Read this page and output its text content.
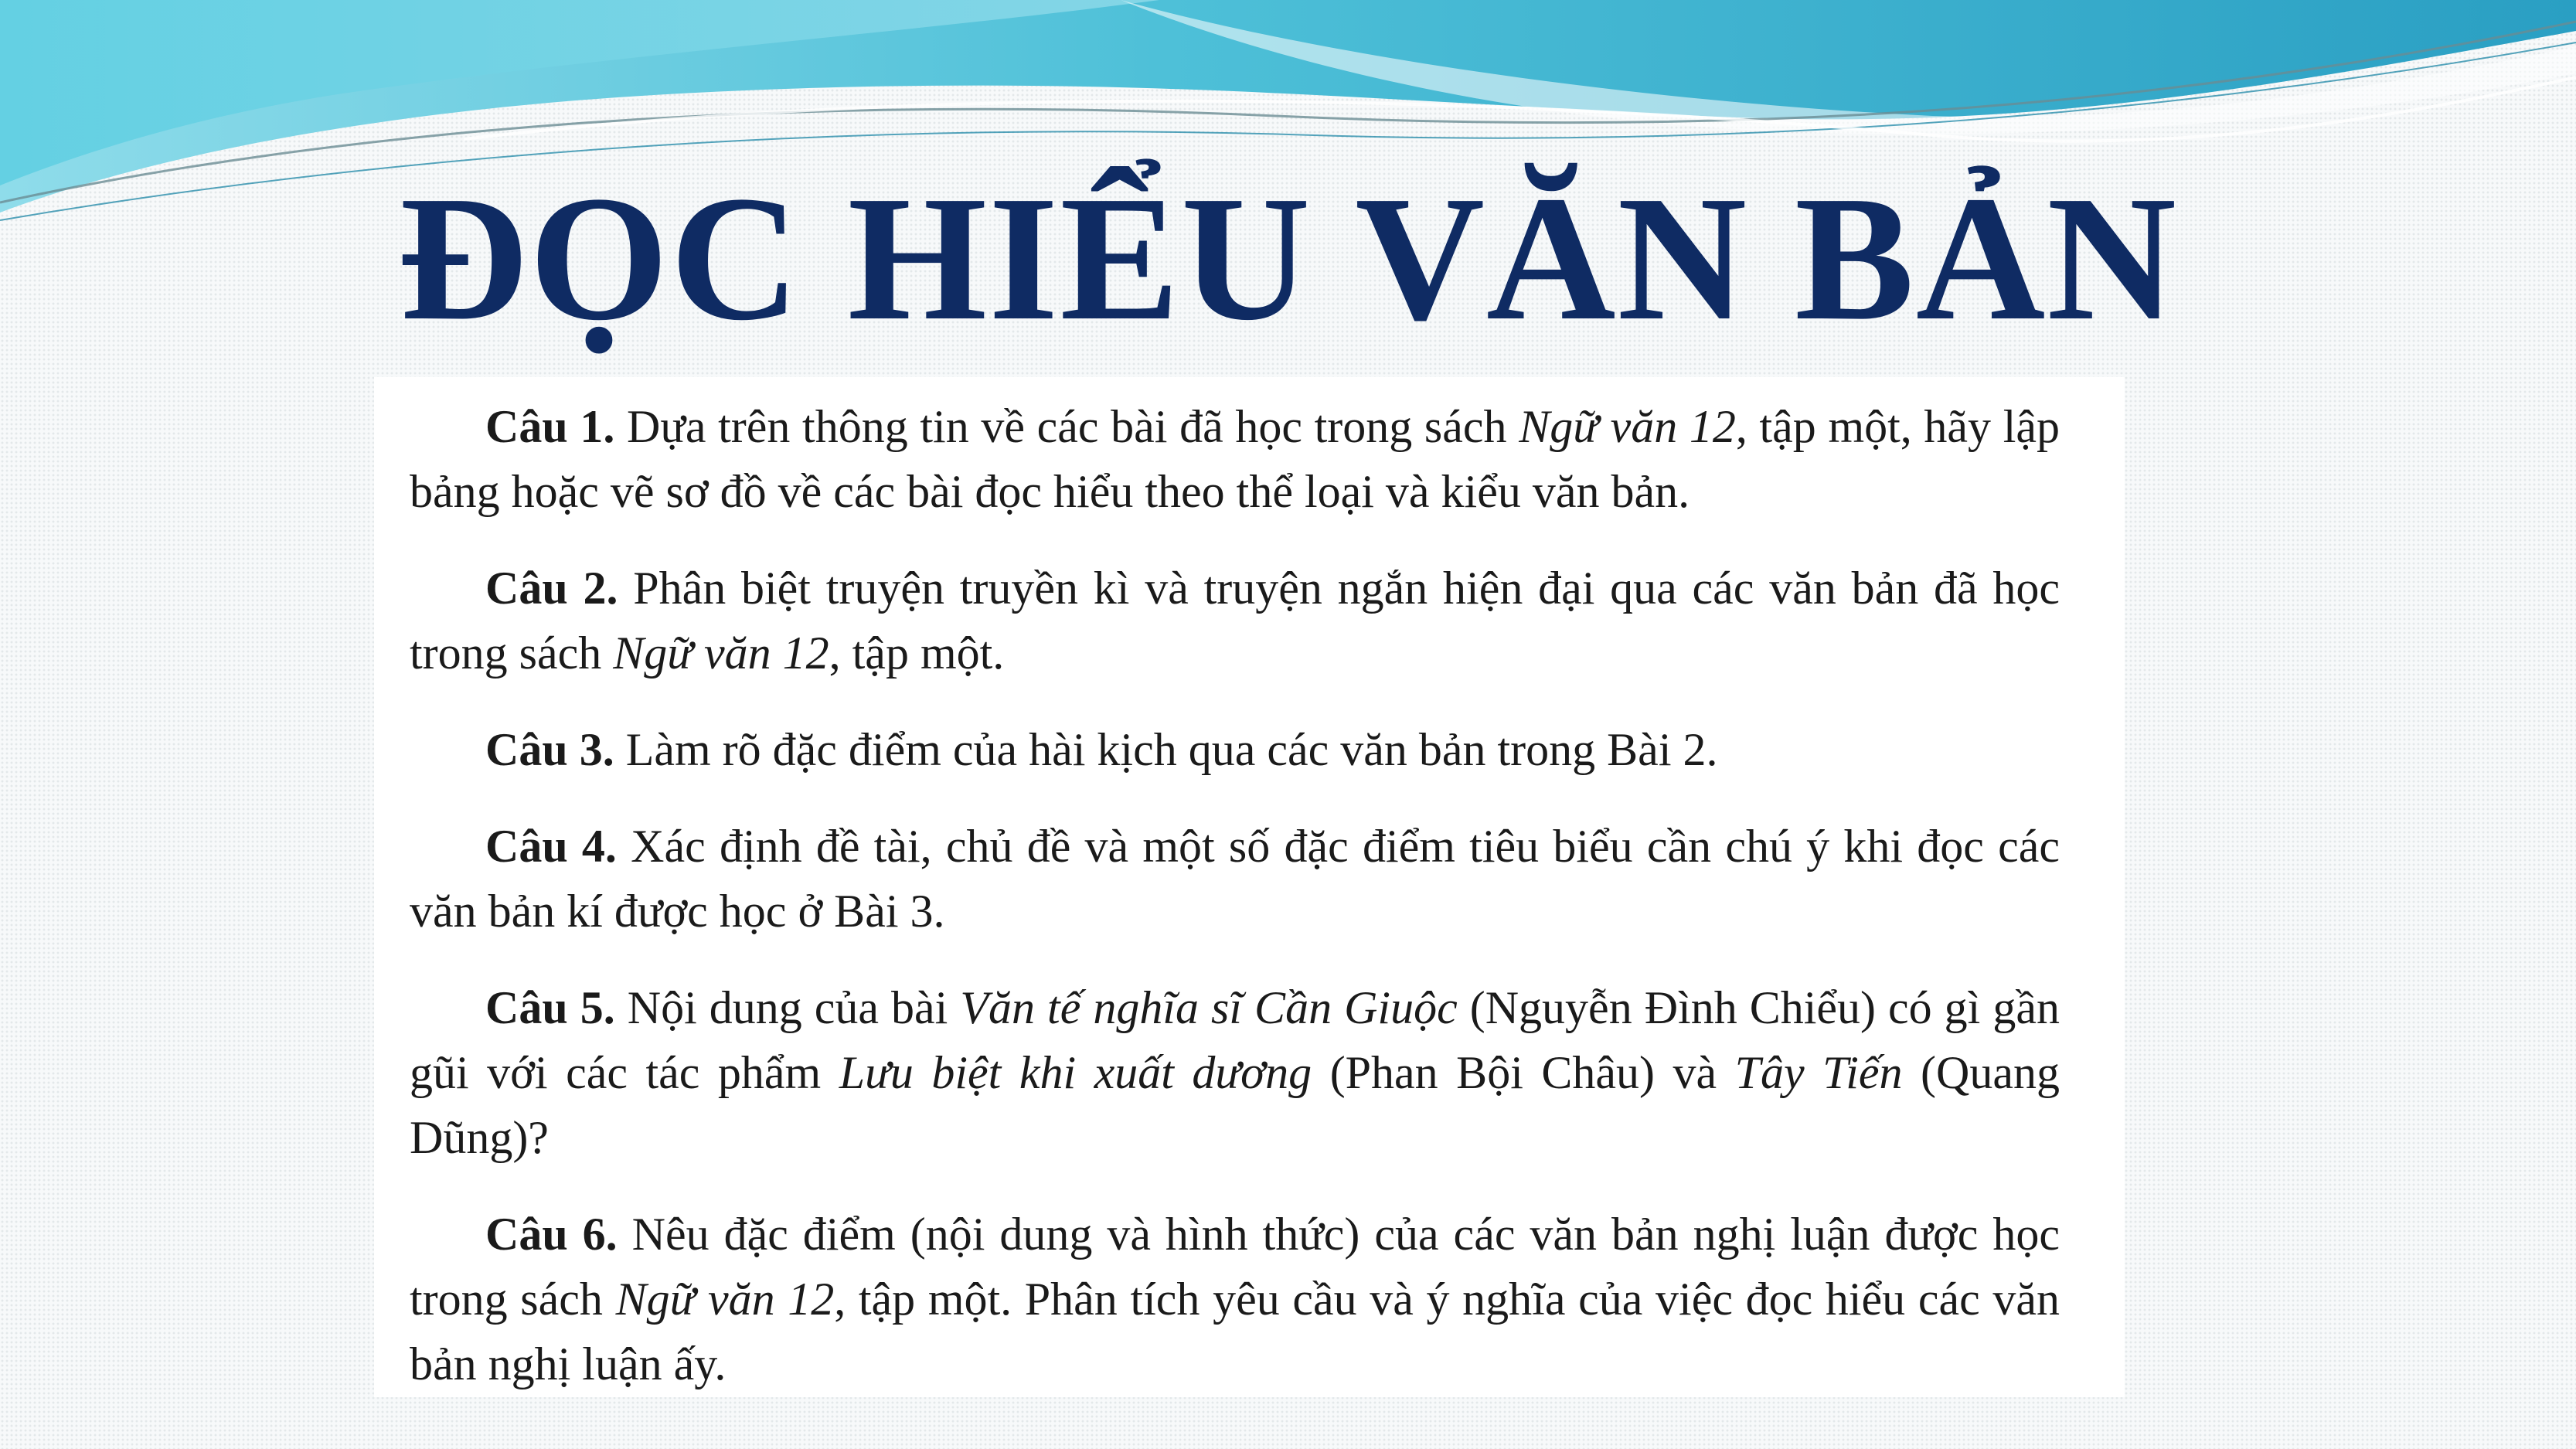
ĐỌC HIỂU VĂN BẢN

Câu 1. Dựa trên thông tin về các bài đã học trong sách Ngữ văn 12, tập một, hãy lập bảng hoặc vẽ sơ đồ về các bài đọc hiểu theo thể loại và kiểu văn bản.

Câu 2. Phân biệt truyện truyền kì và truyện ngắn hiện đại qua các văn bản đã học trong sách Ngữ văn 12, tập một.

Câu 3. Làm rõ đặc điểm của hài kịch qua các văn bản trong Bài 2.

Câu 4. Xác định đề tài, chủ đề và một số đặc điểm tiêu biểu cần chú ý khi đọc các văn bản kí được học ở Bài 3.

Câu 5. Nội dung của bài Văn tế nghĩa sĩ Cần Giuộc (Nguyễn Đình Chiểu) có gì gần gũi với các tác phẩm Lưu biệt khi xuất dương (Phan Bội Châu) và Tây Tiến (Quang Dũng)?

Câu 6. Nêu đặc điểm (nội dung và hình thức) của các văn bản nghị luận được học trong sách Ngữ văn 12, tập một. Phân tích yêu cầu và ý nghĩa của việc đọc hiểu các văn bản nghị luận ấy.
